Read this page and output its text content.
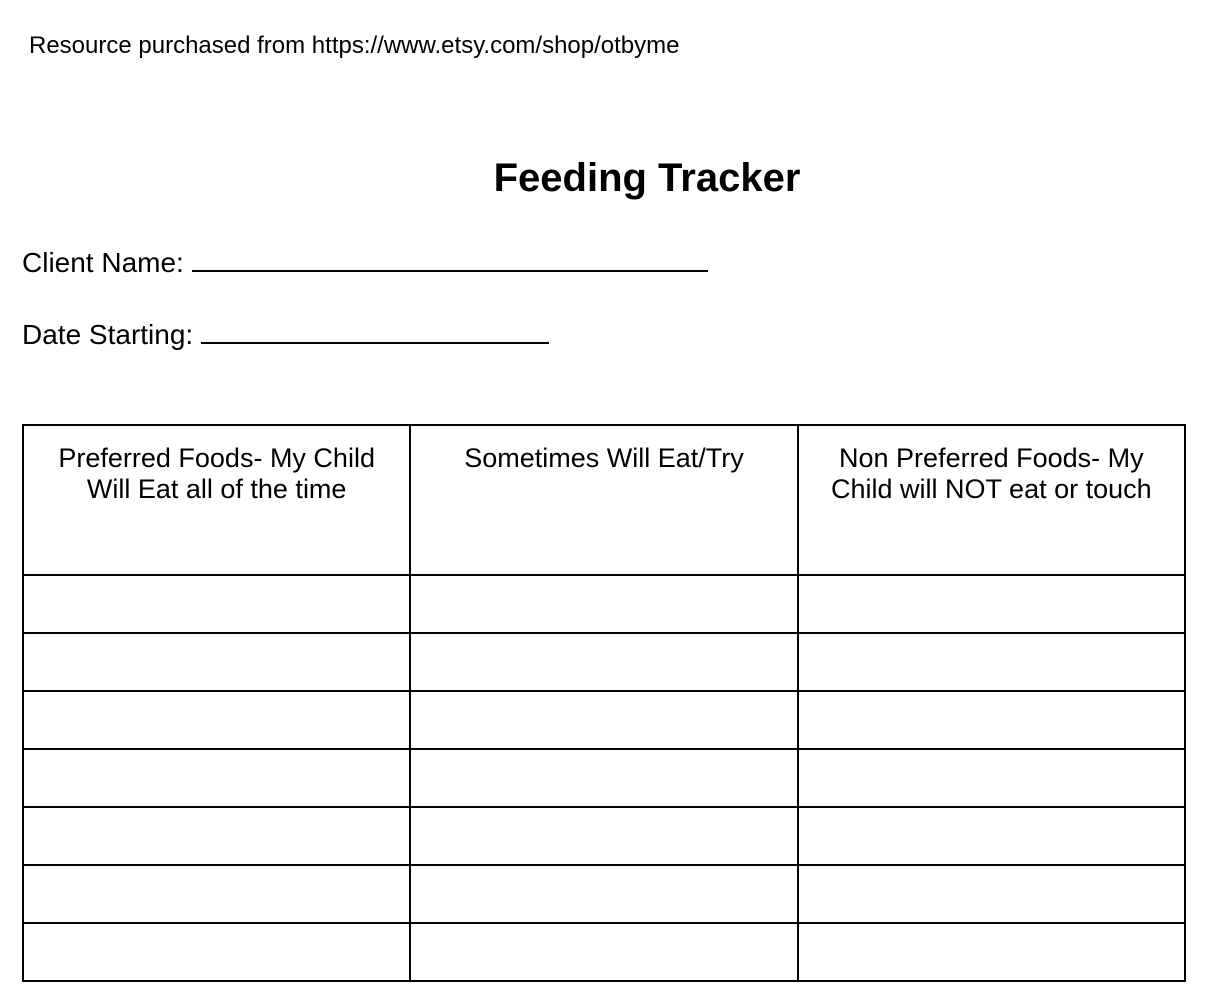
Resource purchased from https://www.etsy.com/shop/otbyme
Feeding Tracker
Client Name:
Date Starting:
Preferred Foods- My Child Will Eat all of the time	Sometimes Will Eat/Try	Non Preferred Foods- My Child will NOT eat or touch
